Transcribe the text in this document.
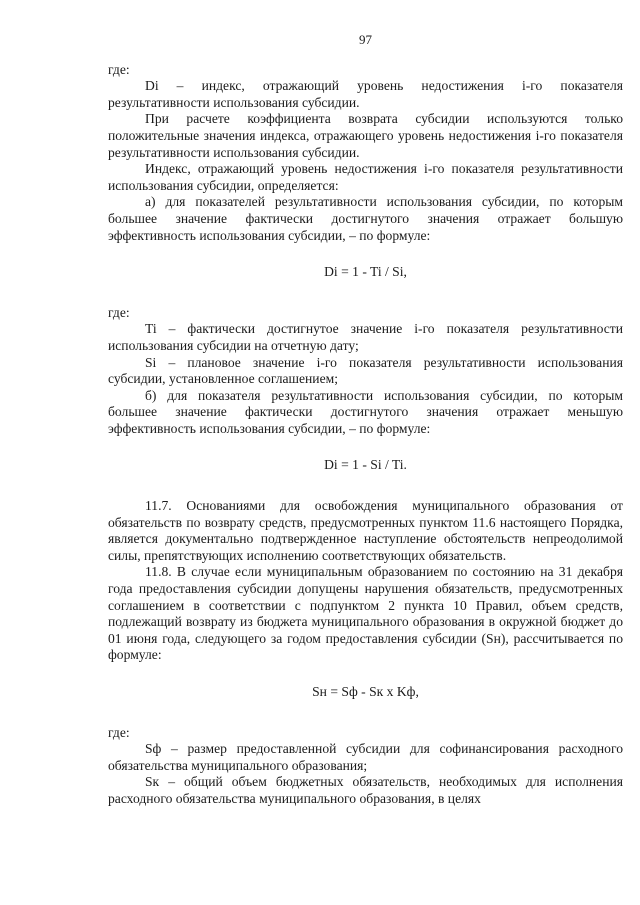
97

где:

Di – индекс, отражающий уровень недостижения i-го показателя результативности использования субсидии.

При расчете коэффициента возврата субсидии используются только положительные значения индекса, отражающего уровень недостижения i-го показателя результативности использования субсидии.

Индекс, отражающий уровень недостижения i-го показателя результативности использования субсидии, определяется:

а) для показателей результативности использования субсидии, по которым большее значение фактически достигнутого значения отражает большую эффективность использования субсидии, – по формуле:

Di = 1 - Ti / Si,

где:

Ti – фактически достигнутое значение i-го показателя результативности использования субсидии на отчетную дату;

Si – плановое значение i-го показателя результативности использования субсидии, установленное соглашением;

б) для показателя результативности использования субсидии, по которым большее значение фактически достигнутого значения отражает меньшую эффективность использования субсидии, – по формуле:

Di = 1 - Si / Ti.

11.7. Основаниями для освобождения муниципального образования от обязательств по возврату средств, предусмотренных пунктом 11.6 настоящего Порядка, является документально подтвержденное наступление обстоятельств непреодолимой силы, препятствующих исполнению соответствующих обязательств.

11.8. В случае если муниципальным образованием по состоянию на 31 декабря года предоставления субсидии допущены нарушения обязательств, предусмотренных соглашением в соответствии с подпунктом 2 пункта 10 Правил, объем средств, подлежащий возврату из бюджета муниципального образования в окружной бюджет до 01 июня года, следующего за годом предоставления субсидии (Sн), рассчитывается по формуле:

Sн = Sф - Sк x Kф,

где:

Sф – размер предоставленной субсидии для софинансирования расходного обязательства муниципального образования;

Sк – общий объем бюджетных обязательств, необходимых для исполнения расходного обязательства муниципального образования, в целях
